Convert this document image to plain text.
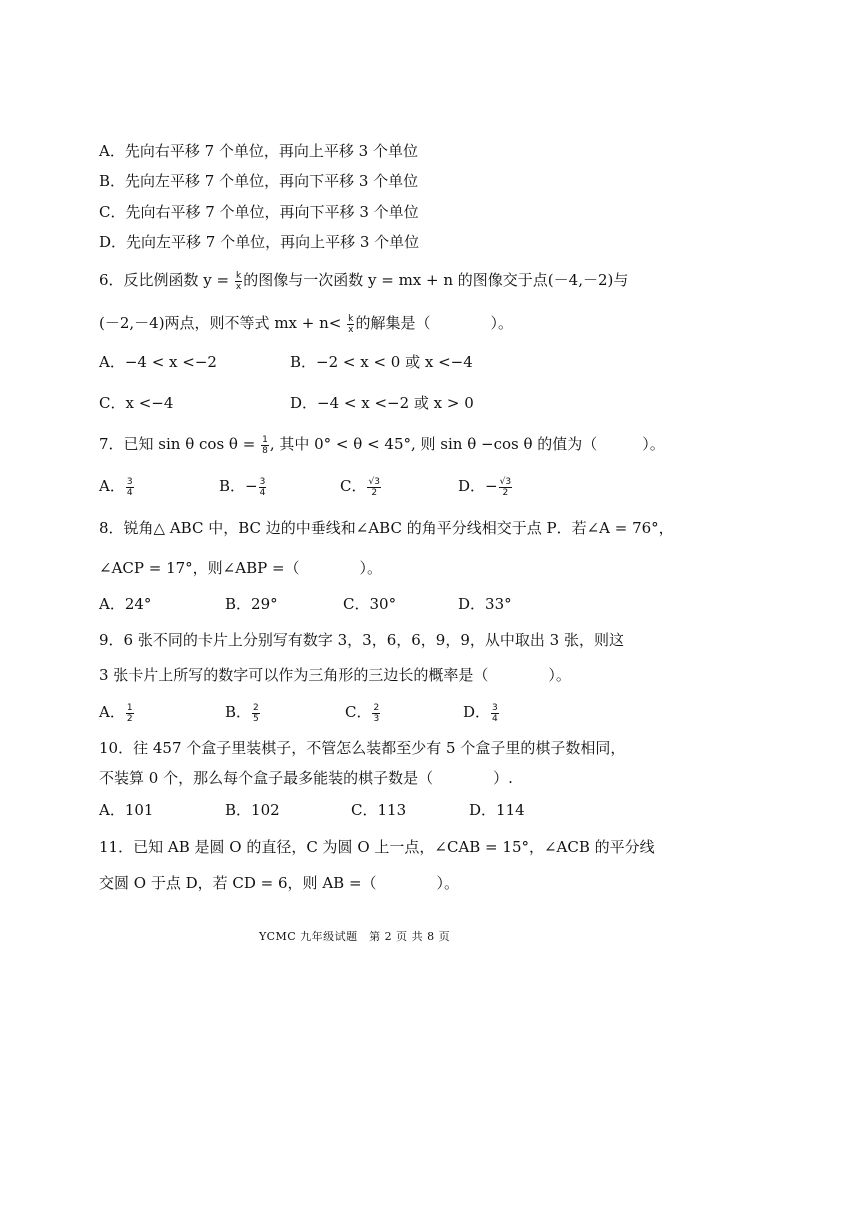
A．先向右平移 7 个单位，再向上平移 3 个单位
B．先向左平移 7 个单位，再向下平移 3 个单位
C．先向右平移 7 个单位，再向下平移 3 个单位
D．先向左平移 7 个单位，再向上平移 3 个单位
6．反比例函数 $y = \frac{k}{x}$ 的图像与一次函数 y = mx + n 的图像交于点(－4,－2)与
(－2,－4)两点，则不等式 mx + $n< \frac{k}{x}$ 的解集是（　　　　）。
A．−4 < x <−2	B．−2 < x < 0 或 x <−4
C．x <−4	D．−4 < x <−2 或 x > 0
7．已知 sin θ $\cos \theta = \frac{1}{8}$ , 其中 0° < θ < 45°, 则 sin θ −cos θ 的值为（　　　）。
A． $\frac{3}{4}$	B．− $\frac{3}{4}$	C． $\frac{√3}{2}$	D．− $\frac{√3}{2}$
8．锐角△ ABC 中，BC 边的中垂线和∠ABC 的角平分线相交于点 P．若∠A = 76°，
∠ACP = 17°，则∠ABP =（　　　　）。
A．24°	B．29°	C．30°	D．33°
9．6 张不同的卡片上分别写有数字 3，3，6，6，9，9，从中取出 3 张，则这
3 张卡片上所写的数字可以作为三角形的三边长的概率是（　　　　）。
A． $\frac{1}{2}$	B． $\frac{2}{5}$	C． $\frac{2}{3}$	D． $\frac{3}{4}$
10．往 457 个盒子里装棋子，不管怎么装都至少有 5 个盒子里的棋子数相同，
不装算 0 个，那么每个盒子最多能装的棋子数是（　　　　）.
A．101	B．102	C．113	D．114
11．已知 AB 是圆 O 的直径，C 为圆 O 上一点，∠CAB = 15°，∠ACB 的平分线
交圆 O 于点 D，若 CD = 6，则 AB =（　　　　）。
YCMC 九年级试题　第 2 页 共 8 页
